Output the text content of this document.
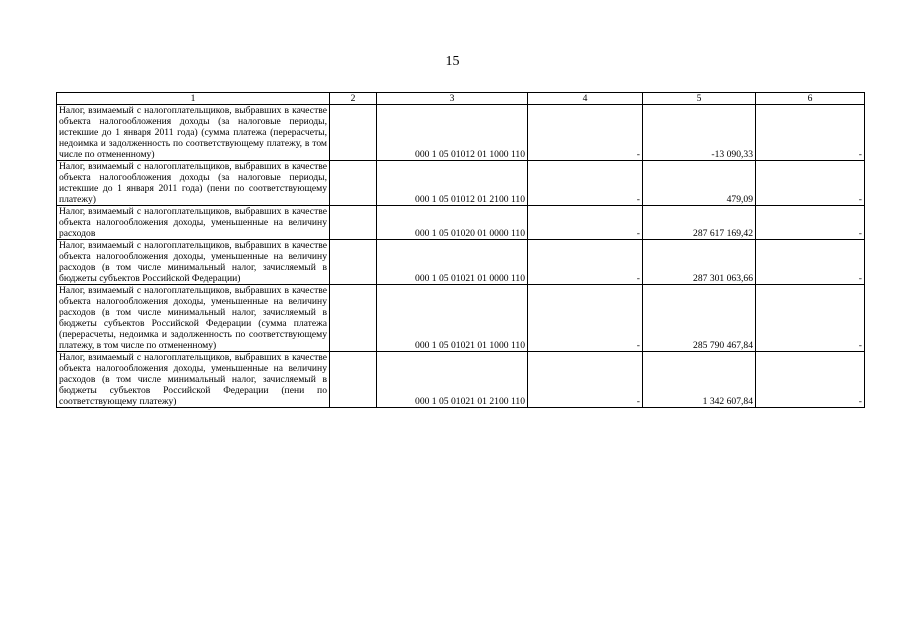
15
1	2	3	4	5	6
Налог, взимаемый с налогоплательщиков, выбравших в качестве объекта налогообложения доходы (за налоговые периоды, истекшие до 1 января 2011 года) (сумма платежа (перерасчеты, недоимка и задолженность по соответствующему платежу, в том числе по отмененному)		000 1 05 01012 01 1000 110	-	-13 090,33	-
Налог, взимаемый с налогоплательщиков, выбравших в качестве объекта налогообложения доходы (за налоговые периоды, истекшие до 1 января 2011 года) (пени по соответствующему платежу)		000 1 05 01012 01 2100 110	-	479,09	-
Налог, взимаемый с налогоплательщиков, выбравших в качестве объекта налогообложения доходы, уменьшенные на величину расходов		000 1 05 01020 01 0000 110	-	287 617 169,42	-
Налог, взимаемый с налогоплательщиков, выбравших в качестве объекта налогообложения доходы, уменьшенные на величину расходов (в том числе минимальный налог, зачисляемый в бюджеты субъектов Российской Федерации)		000 1 05 01021 01 0000 110	-	287 301 063,66	-
Налог, взимаемый с налогоплательщиков, выбравших в качестве объекта налогообложения доходы, уменьшенные на величину расходов (в том числе минимальный налог, зачисляемый в бюджеты субъектов Российской Федерации (сумма платежа (перерасчеты, недоимка и задолженность по соответствующему платежу, в том числе по отмененному)		000 1 05 01021 01 1000 110	-	285 790 467,84	-
Налог, взимаемый с налогоплательщиков, выбравших в качестве объекта налогообложения доходы, уменьшенные на величину расходов (в том числе минимальный налог, зачисляемый в бюджеты субъектов Российской Федерации (пени по соответствующему платежу)		000 1 05 01021 01 2100 110	-	1 342 607,84	-
